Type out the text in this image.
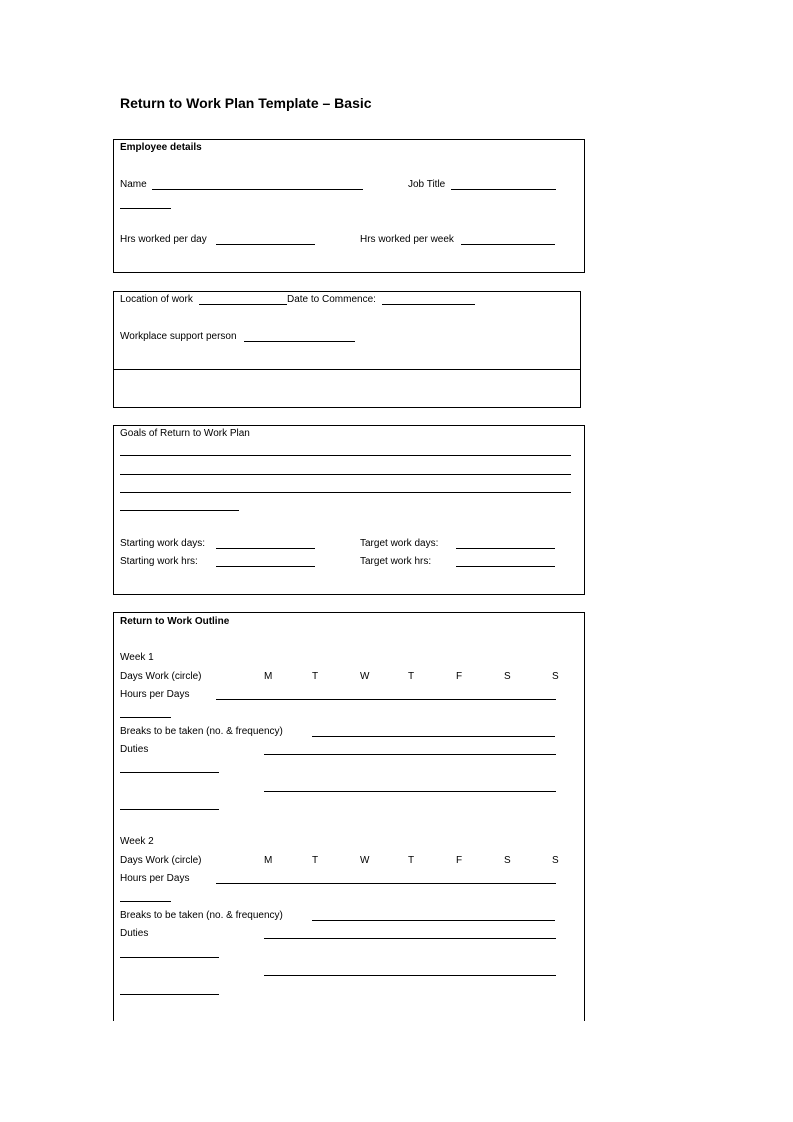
Return to Work Plan Template – Basic
Employee details
Name	Job Title
Hrs worked per day	Hrs worked per week
Location of work	Date to Commence:
Workplace support person
Goals of Return to Work Plan
Starting work days:	Target work days:
Starting work hrs:	Target work hrs:
Return to Work Outline
Week 1
Days Work (circle)	M	T	W	T	F	S	S
Hours per Days
Breaks to be taken (no. & frequency)
Duties
Week 2
Days Work (circle)	M	T	W	T	F	S	S
Hours per Days
Breaks to be taken (no. & frequency)
Duties
